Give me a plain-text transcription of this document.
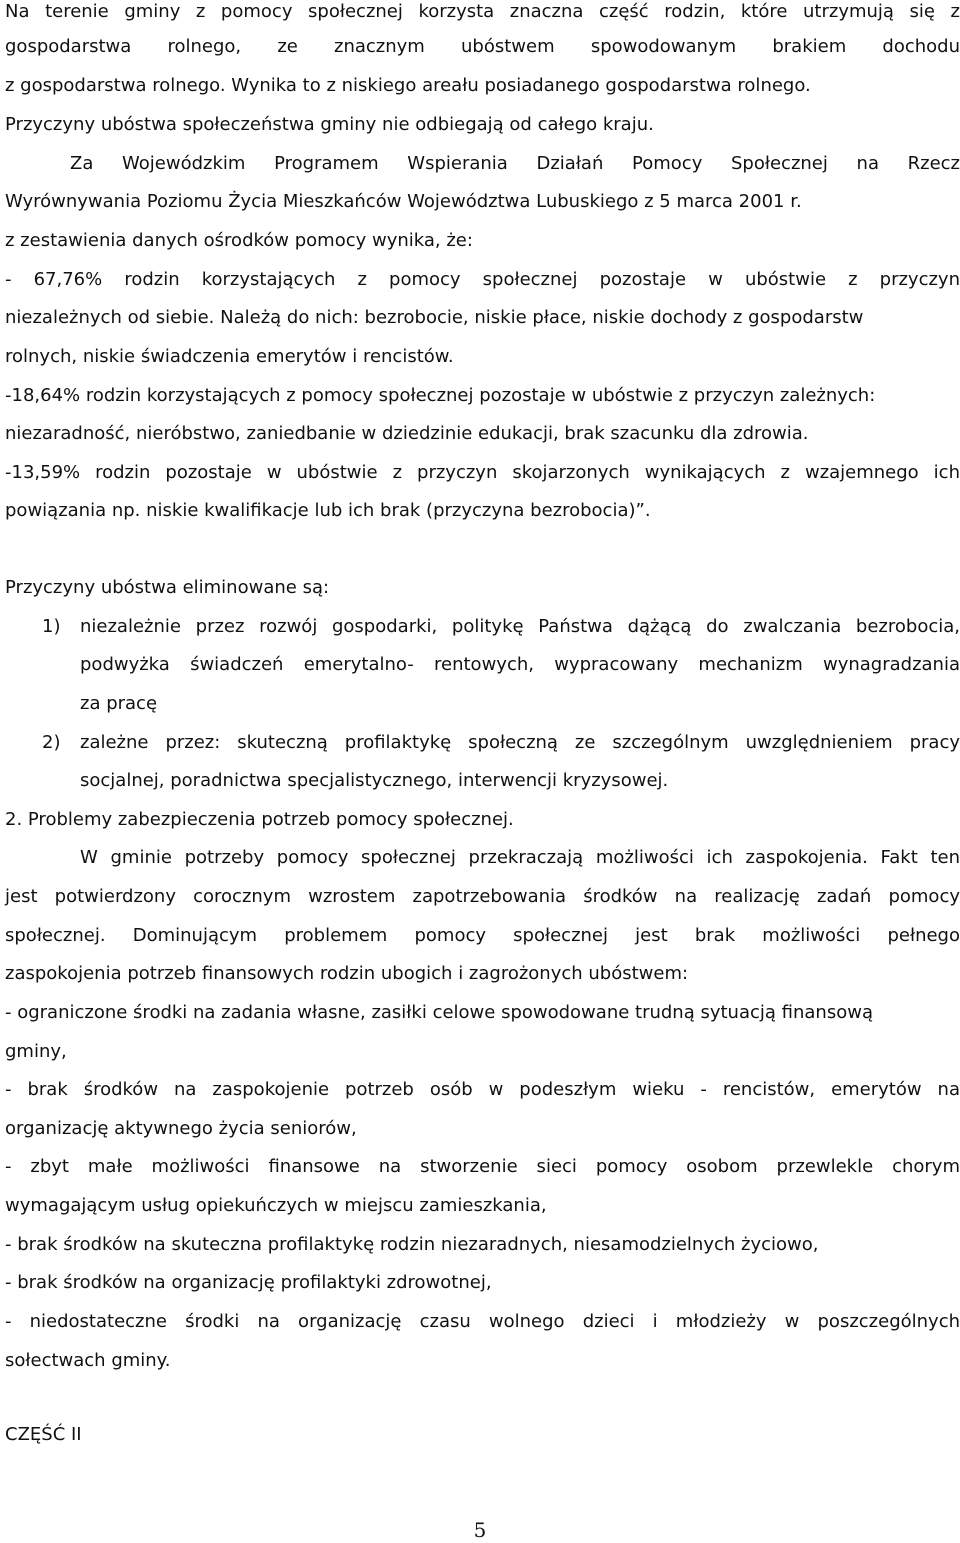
Na terenie gminy z pomocy społecznej korzysta znaczna część rodzin, które utrzymują się z
gospodarstwa rolnego, ze znacznym ubóstwem spowodowanym brakiem dochodu
z gospodarstwa rolnego. Wynika to z niskiego areału posiadanego gospodarstwa rolnego.
Przyczyny ubóstwa społeczeństwa gminy nie odbiegają od całego kraju.
Za Wojewódzkim Programem Wspierania Działań Pomocy Społecznej na Rzecz
Wyrównywania Poziomu Życia Mieszkańców Województwa Lubuskiego z 5 marca 2001 r.
z zestawienia danych ośrodków pomocy wynika, że:
- 67,76% rodzin korzystających z pomocy społecznej pozostaje w ubóstwie z przyczyn
niezależnych od siebie. Należą do nich: bezrobocie, niskie płace, niskie dochody z gospodarstw
rolnych, niskie świadczenia emerytów i rencistów.
-18,64% rodzin korzystających z pomocy społecznej pozostaje w ubóstwie z przyczyn zależnych:
niezaradność, nieróbstwo, zaniedbanie w dziedzinie edukacji, brak szacunku dla zdrowia.
-13,59% rodzin pozostaje w ubóstwie z przyczyn skojarzonych wynikających z wzajemnego ich
powiązania np. niskie kwalifikacje lub ich brak (przyczyna bezrobocia)”.
Przyczyny ubóstwa eliminowane są:
1) niezależnie przez rozwój gospodarki, politykę Państwa dążącą do zwalczania bezrobocia,
podwyżka świadczeń emerytalno- rentowych, wypracowany mechanizm wynagradzania
za pracę
2) zależne przez: skuteczną profilaktykę społeczną ze szczególnym uwzględnieniem pracy
socjalnej, poradnictwa specjalistycznego, interwencji kryzysowej.
2. Problemy zabezpieczenia potrzeb pomocy społecznej.
W gminie potrzeby pomocy społecznej przekraczają możliwości ich zaspokojenia. Fakt ten
jest potwierdzony corocznym wzrostem zapotrzebowania środków na realizację zadań pomocy
społecznej. Dominującym problemem pomocy społecznej jest brak możliwości pełnego
zaspokojenia potrzeb finansowych rodzin ubogich i zagrożonych ubóstwem:
- ograniczone środki na zadania własne, zasiłki celowe spowodowane trudną sytuacją finansową
gminy,
- brak środków na zaspokojenie potrzeb osób w podeszłym wieku - rencistów, emerytów na
organizację aktywnego życia seniorów,
- zbyt małe możliwości finansowe na stworzenie sieci pomocy osobom przewlekle chorym
wymagającym usług opiekuńczych w miejscu zamieszkania,
- brak środków na skuteczna profilaktykę rodzin niezaradnych, niesamodzielnych życiowo,
- brak środków na organizację profilaktyki zdrowotnej,
- niedostateczne środki na organizację czasu wolnego dzieci i młodzieży w poszczególnych
sołectwach gminy.
CZĘŚĆ II
5
